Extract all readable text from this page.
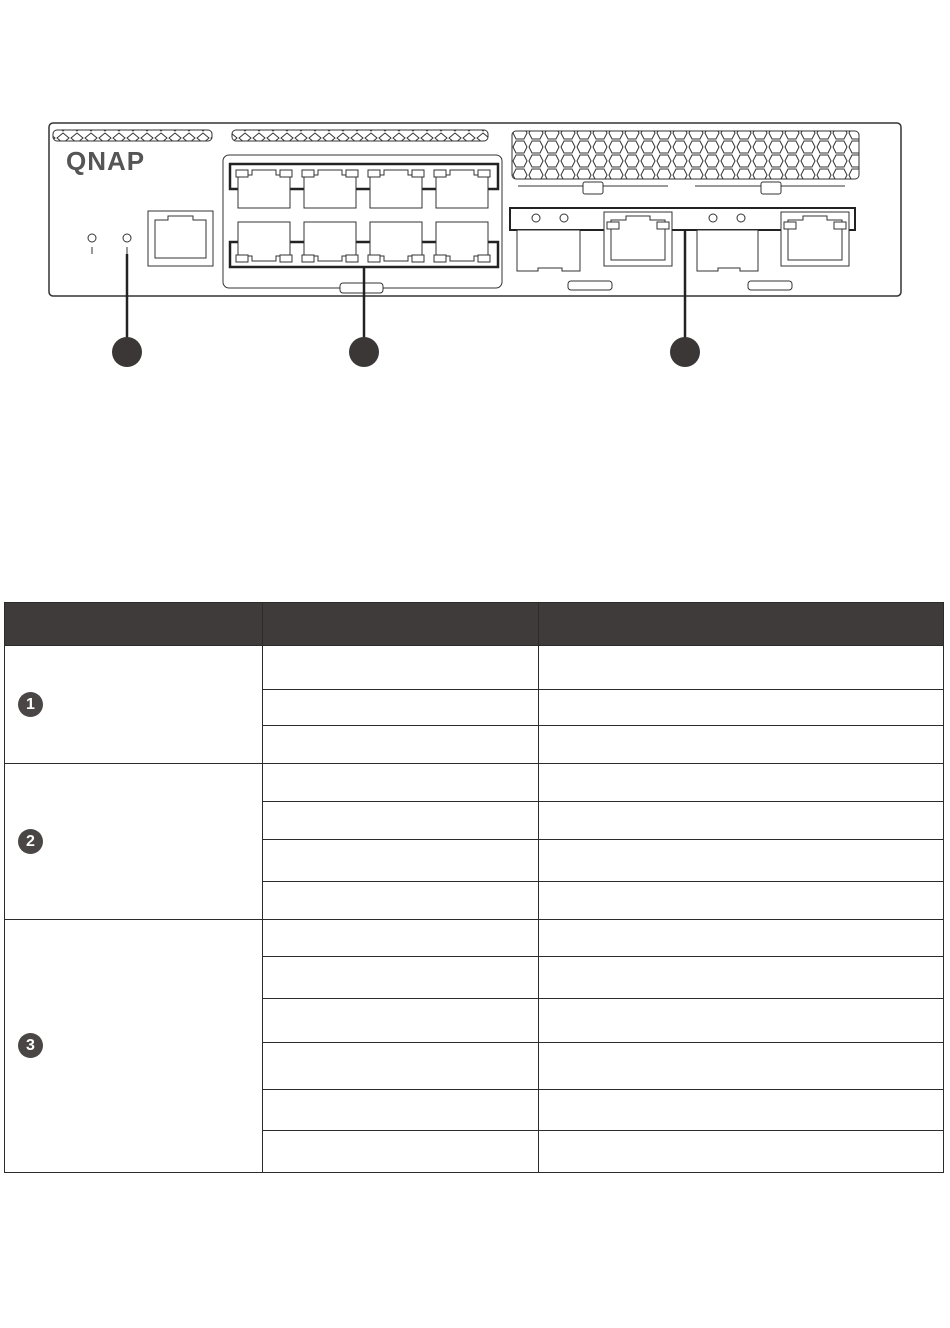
QNAP

1		

2		

3		
